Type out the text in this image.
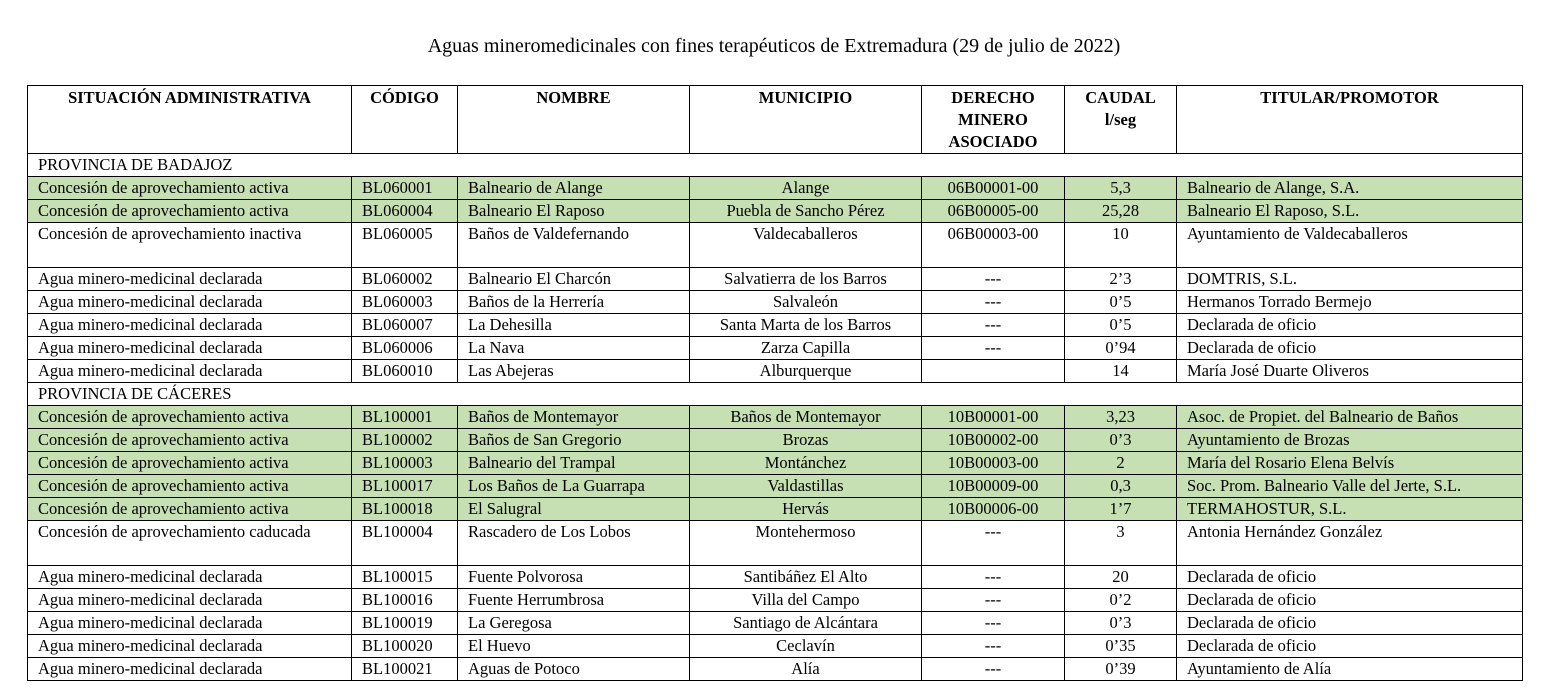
Aguas mineromedicinales con fines terapéuticos de Extremadura (29 de julio de 2022)
SITUACIÓN ADMINISTRATIVA	CÓDIGO	NOMBRE	MUNICIPIO	DERECHO MINERO ASOCIADO	CAUDAL l/seg	TITULAR/PROMOTOR
PROVINCIA DE BADAJOZ						
Concesión de aprovechamiento activa	BL060001	Balneario de Alange	Alange	06B00001-00	5,3	Balneario de Alange, S.A.
Concesión de aprovechamiento activa	BL060004	Balneario El Raposo	Puebla de Sancho Pérez	06B00005-00	25,28	Balneario El Raposo, S.L.
Concesión de aprovechamiento inactiva	BL060005	Baños de Valdefernando	Valdecaballeros	06B00003-00	10	Ayuntamiento de Valdecaballeros
Agua minero-medicinal declarada	BL060002	Balneario El Charcón	Salvatierra de los Barros	---	2’3	DOMTRIS, S.L.
Agua minero-medicinal declarada	BL060003	Baños de la Herrería	Salvaleón	---	0’5	Hermanos Torrado Bermejo
Agua minero-medicinal declarada	BL060007	La Dehesilla	Santa Marta de los Barros	---	0’5	Declarada de oficio
Agua minero-medicinal declarada	BL060006	La Nava	Zarza Capilla	---	0’94	Declarada de oficio
Agua minero-medicinal declarada	BL060010	Las Abejeras	Alburquerque		14	María José Duarte Oliveros
PROVINCIA DE CÁCERES						
Concesión de aprovechamiento activa	BL100001	Baños de Montemayor	Baños de Montemayor	10B00001-00	3,23	Asoc. de Propiet. del Balneario de Baños
Concesión de aprovechamiento activa	BL100002	Baños de San Gregorio	Brozas	10B00002-00	0’3	Ayuntamiento de Brozas
Concesión de aprovechamiento activa	BL100003	Balneario del Trampal	Montánchez	10B00003-00	2	María del Rosario Elena Belvís
Concesión de aprovechamiento activa	BL100017	Los Baños de La Guarrapa	Valdastillas	10B00009-00	0,3	Soc. Prom. Balneario Valle del Jerte, S.L.
Concesión de aprovechamiento activa	BL100018	El Salugral	Hervás	10B00006-00	1’7	TERMAHOSTUR, S.L.
Concesión de aprovechamiento caducada	BL100004	Rascadero de Los Lobos	Montehermoso	---	3	Antonia Hernández González
Agua minero-medicinal declarada	BL100015	Fuente Polvorosa	Santibáñez El Alto	---	20	Declarada de oficio
Agua minero-medicinal declarada	BL100016	Fuente Herrumbrosa	Villa del Campo	---	0’2	Declarada de oficio
Agua minero-medicinal declarada	BL100019	La Geregosa	Santiago de Alcántara	---	0’3	Declarada de oficio
Agua minero-medicinal declarada	BL100020	El Huevo	Ceclavín	---	0’35	Declarada de oficio
Agua minero-medicinal declarada	BL100021	Aguas de Potoco	Alía	---	0’39	Ayuntamiento de Alía
